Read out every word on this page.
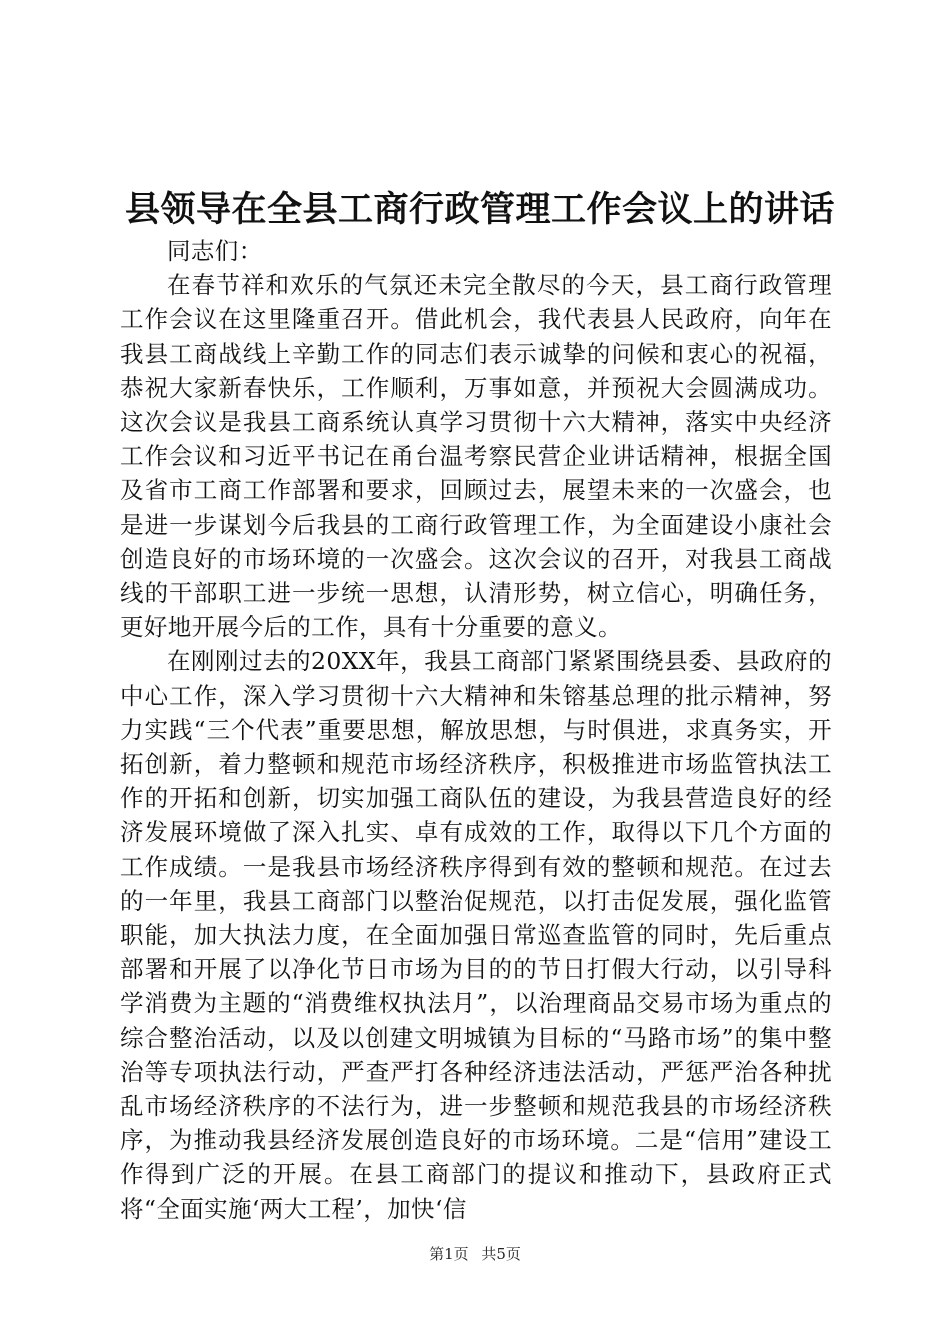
县领导在全县工商行政管理工作会议上的讲话

同志们：

在春节祥和欢乐的气氛还未完全散尽的今天，县工商行政管理工作会议在这里隆重召开。借此机会，我代表县人民政府，向年在我县工商战线上辛勤工作的同志们表示诚挚的问候和衷心的祝福，恭祝大家新春快乐，工作顺利，万事如意，并预祝大会圆满成功。这次会议是我县工商系统认真学习贯彻十六大精神，落实中央经济工作会议和习近平书记在甬台温考察民营企业讲话精神，根据全国及省市工商工作部署和要求，回顾过去，展望未来的一次盛会，也是进一步谋划今后我县的工商行政管理工作，为全面建设小康社会创造良好的市场环境的一次盛会。这次会议的召开，对我县工商战线的干部职工进一步统一思想，认清形势，树立信心，明确任务，更好地开展今后的工作，具有十分重要的意义。

在刚刚过去的20XX年，我县工商部门紧紧围绕县委、县政府的中心工作，深入学习贯彻十六大精神和朱镕基总理的批示精神，努力实践“三个代表”重要思想，解放思想，与时俱进，求真务实，开拓创新，着力整顿和规范市场经济秩序，积极推进市场监管执法工作的开拓和创新，切实加强工商队伍的建设，为我县营造良好的经济发展环境做了深入扎实、卓有成效的工作，取得以下几个方面的工作成绩。一是我县市场经济秩序得到有效的整顿和规范。在过去的一年里，我县工商部门以整治促规范，以打击促发展，强化监管职能，加大执法力度，在全面加强日常巡查监管的同时，先后重点部署和开展了以净化节日市场为目的的节日打假大行动，以引导科学消费为主题的“消费维权执法月”，以治理商品交易市场为重点的综合整治活动，以及以创建文明城镇为目标的“马路市场”的集中整治等专项执法行动，严查严打各种经济违法活动，严惩严治各种扰乱市场经济秩序的不法行为，进一步整顿和规范我县的市场经济秩序，为推动我县经济发展创造良好的市场环境。二是“信用”建设工作得到广泛的开展。在县工商部门的提议和推动下，县政府正式将“全面实施‘两大工程’，加快‘信

第1页 共5页
